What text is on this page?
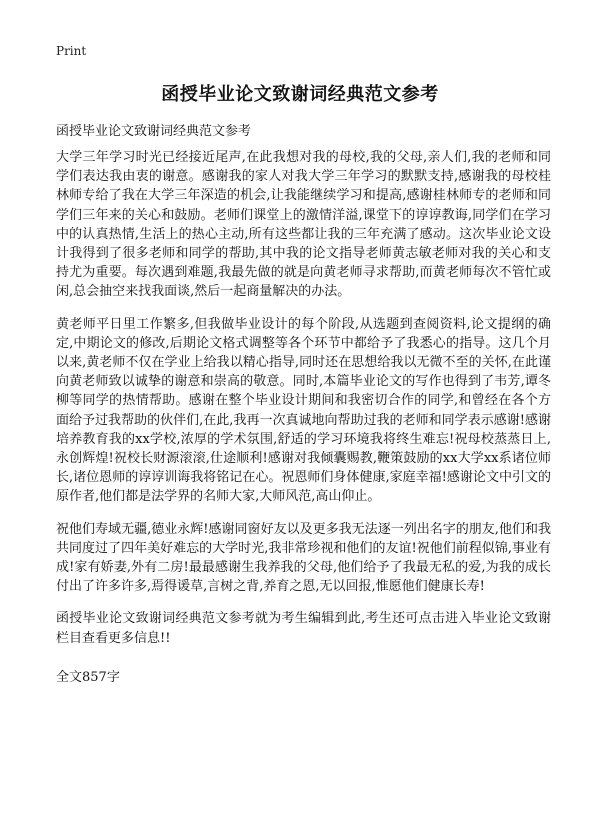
Print
函授毕业论文致谢词经典范文参考

函授毕业论文致谢词经典范文参考

大学三年学习时光已经接近尾声,在此我想对我的母校,我的父母,亲人们,我的老师和同学们表达我由衷的谢意。感谢我的家人对我大学三年学习的默默支持,感谢我的母校桂林师专给了我在大学三年深造的机会,让我能继续学习和提高,感谢桂林师专的老师和同学们三年来的关心和鼓励。老师们课堂上的激情洋溢,课堂下的谆谆教诲,同学们在学习中的认真热情,生活上的热心主动,所有这些都让我的三年充满了感动。这次毕业论文设计我得到了很多老师和同学的帮助,其中我的论文指导老师黄志敏老师对我的关心和支持尤为重要。每次遇到难题,我最先做的就是向黄老师寻求帮助,而黄老师每次不管忙或闲,总会抽空来找我面谈,然后一起商量解决的办法。

黄老师平日里工作繁多,但我做毕业设计的每个阶段,从选题到查阅资料,论文提纲的确定,中期论文的修改,后期论文格式调整等各个环节中都给予了我悉心的指导。这几个月以来,黄老师不仅在学业上给我以精心指导,同时还在思想给我以无微不至的关怀,在此谨向黄老师致以诚挚的谢意和崇高的敬意。同时,本篇毕业论文的写作也得到了韦芳,谭冬柳等同学的热情帮助。感谢在整个毕业设计期间和我密切合作的同学,和曾经在各个方面给予过我帮助的伙伴们,在此,我再一次真诚地向帮助过我的老师和同学表示感谢!感谢培养教育我的xx学校,浓厚的学术氛围,舒适的学习环境我将终生难忘!祝母校蒸蒸日上,永创辉煌!祝校长财源滚滚,仕途顺利!感谢对我倾囊赐教,鞭策鼓励的xx大学xx系诸位师长,诸位恩师的谆谆训诲我将铭记在心。祝恩师们身体健康,家庭幸福!感谢论文中引文的原作者,他们都是法学界的名师大家,大师风范,高山仰止。

祝他们寿域无疆,德业永辉!感谢同窗好友以及更多我无法逐一列出名字的朋友,他们和我共同度过了四年美好难忘的大学时光,我非常珍视和他们的友谊!祝他们前程似锦,事业有成!家有娇妻,外有二房!最最感谢生我养我的父母,他们给予了我最无私的爱,为我的成长付出了许多许多,焉得谖草,言树之背,养育之恩,无以回报,惟愿他们健康长寿!

函授毕业论文致谢词经典范文参考就为考生编辑到此,考生还可点击进入毕业论文致谢栏目查看更多信息!!

全文857字
